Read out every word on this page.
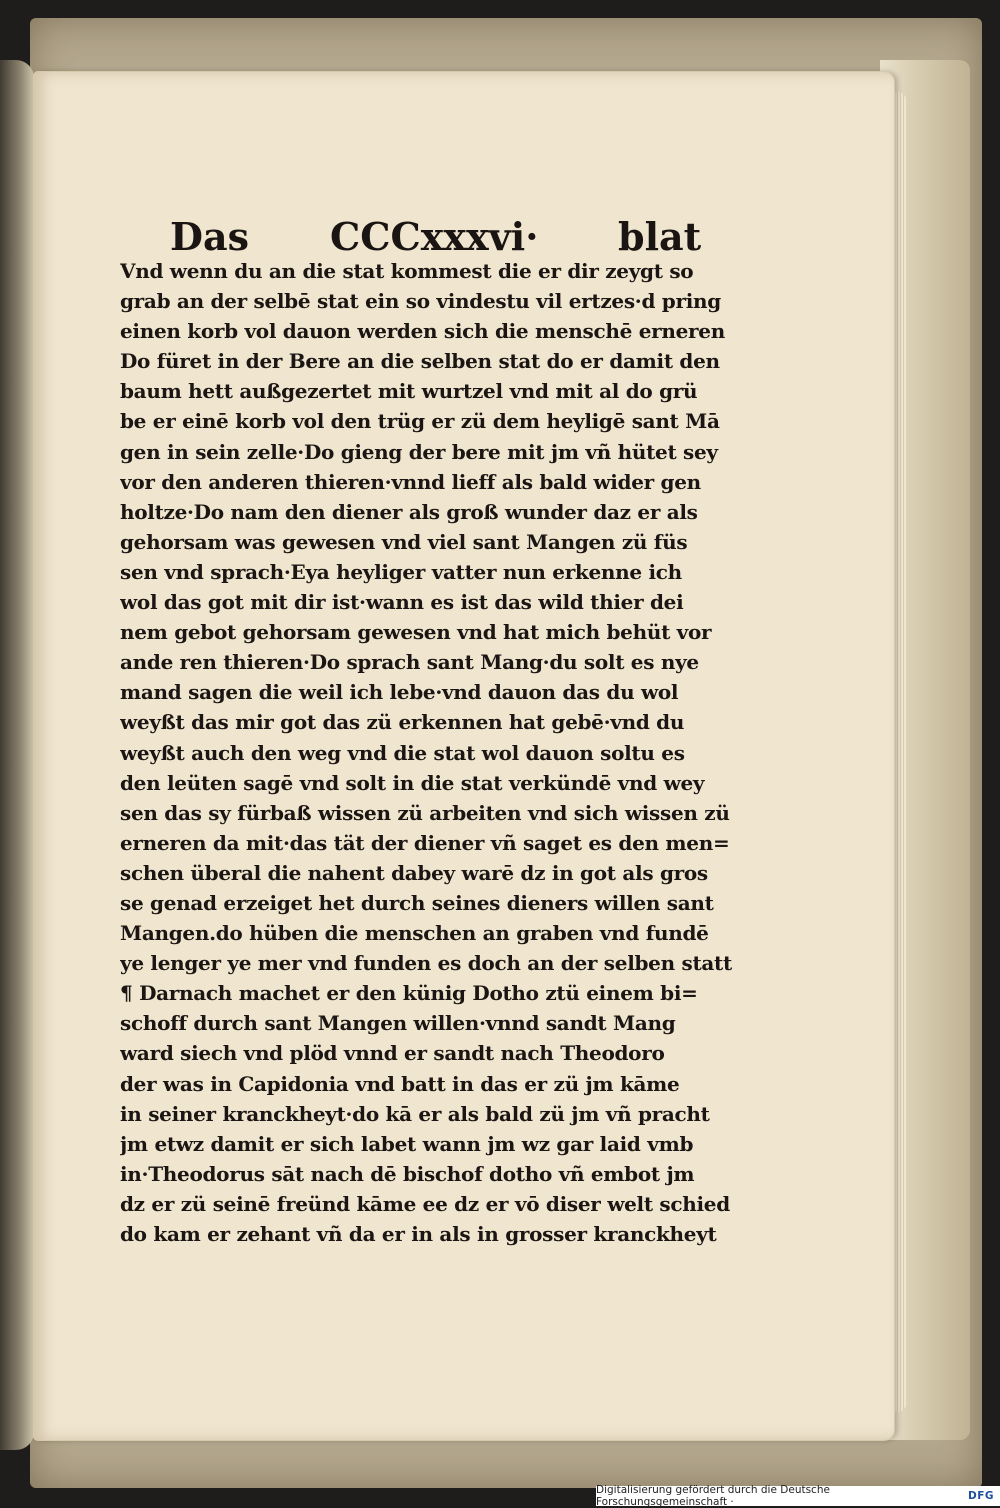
Das CCCxxxvi· blat
Vnd wenn du an die stat kommest die er dir zeygt so
grab an der selbē stat ein so vindestu vil ertzes·d pring
einen korb vol dauon werden sich die menschē erneren
Do füret in der Bere an die selben stat do er damit den
baum hett außgezertet mit wurtzel vnd mit al do grü
be er einē korb vol den trüg er zü dem heyligē sant Mā
gen in sein zelle·Do gieng der bere mit jm vñ hütet sey
vor den anderen thieren·vnnd lieff als bald wider gen
holtze·Do nam den diener als groß wunder daz er als
gehorsam was gewesen vnd viel sant Mangen zü füs
sen vnd sprach·Eya heyliger vatter nun erkenne ich
wol das got mit dir ist·wann es ist das wild thier dei
nem gebot gehorsam gewesen vnd hat mich behüt vor
ande ren thieren·Do sprach sant Mang·du solt es nye
mand sagen die weil ich lebe·vnd dauon das du wol
weyßt das mir got das zü erkennen hat gebē·vnd du
weyßt auch den weg vnd die stat wol dauon soltu es
den leüten sagē vnd solt in die stat verkündē vnd wey
sen das sy fürbaß wissen zü arbeiten vnd sich wissen zü
erneren da mit·das tät der diener vñ saget es den men=
schen überal die nahent dabey warē dz in got als gros
se genad erzeiget het durch seines dieners willen sant
Mangen.do hüben die menschen an graben vnd fundē
ye lenger ye mer vnd funden es doch an der selben statt
¶ Darnach machet er den künig Dotho ztü einem bi=
schoff durch sant Mangen willen·vnnd sandt Mang
ward siech vnd plöd vnnd er sandt nach Theodoro
der was in Capidonia vnd batt in das er zü jm kāme
in seiner kranckheyt·do kā er als bald zü jm vñ pracht
jm etwz damit er sich labet wann jm wz gar laid vmb
in·Theodorus sāt nach dē bischof dotho vñ embot jm
dz er zü seinē freünd kāme ee dz er vō diser welt schied
do kam er zehant vñ da er in als in grosser kranckheyt
Digitalisierung gefördert durch die Deutsche Forschungsgemeinschaft ·	DFG
